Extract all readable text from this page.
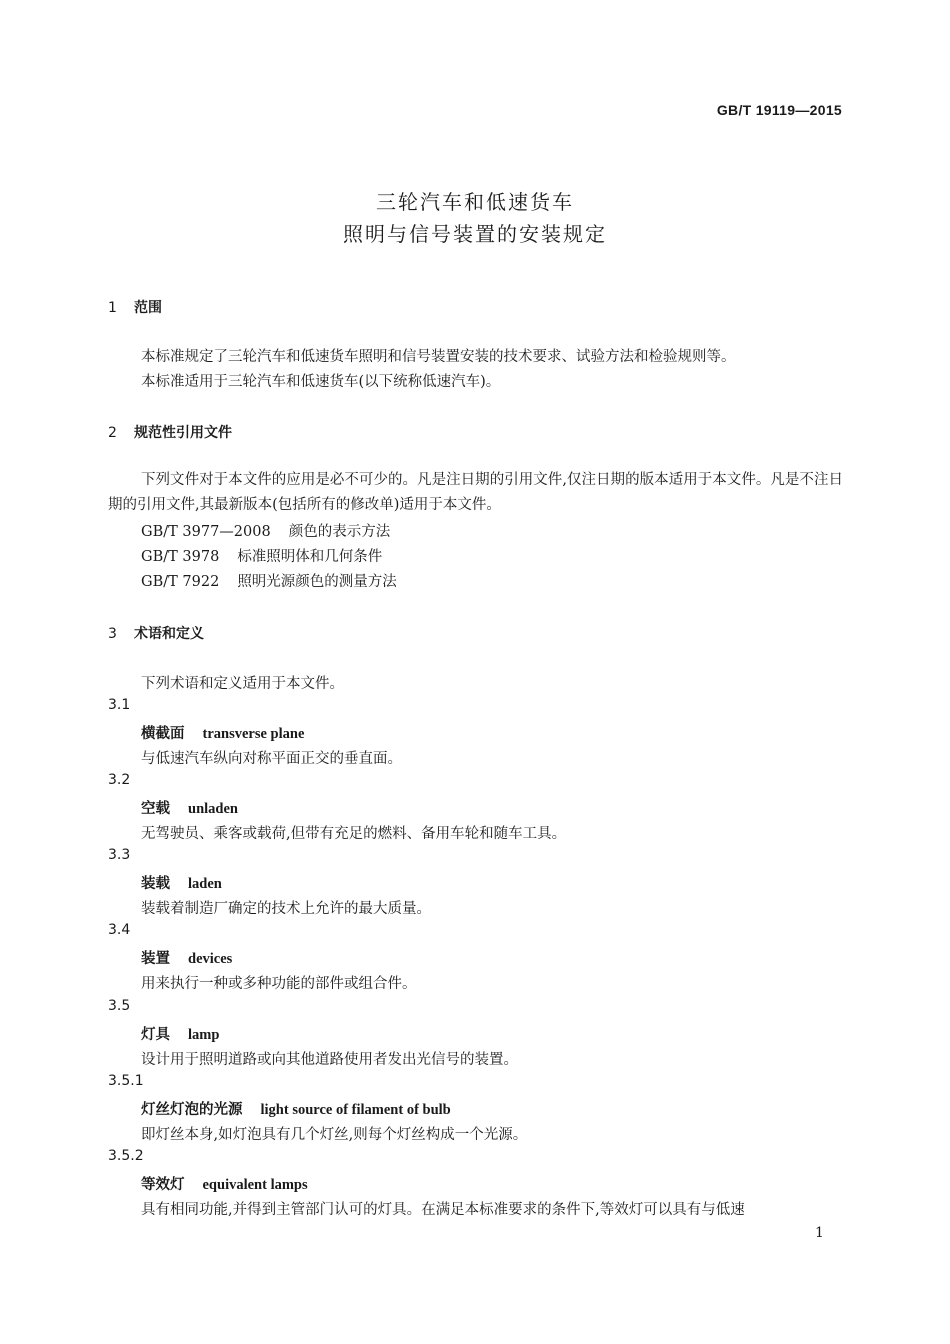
GB/T 19119—2015
三轮汽车和低速货车
照明与信号装置的安装规定
1 范围
本标准规定了三轮汽车和低速货车照明和信号装置安装的技术要求、试验方法和检验规则等。
本标准适用于三轮汽车和低速货车(以下统称低速汽车)。
2 规范性引用文件
下列文件对于本文件的应用是必不可少的。凡是注日期的引用文件,仅注日期的版本适用于本文件。凡是不注日期的引用文件,其最新版本(包括所有的修改单)适用于本文件。
GB/T 3977—2008 颜色的表示方法
GB/T 3978 标准照明体和几何条件
GB/T 7922 照明光源颜色的测量方法
3 术语和定义
下列术语和定义适用于本文件。
3.1
横截面 transverse plane
与低速汽车纵向对称平面正交的垂直面。
3.2
空载 unladen
无驾驶员、乘客或载荷,但带有充足的燃料、备用车轮和随车工具。
3.3
装载 laden
装载着制造厂确定的技术上允许的最大质量。
3.4
装置 devices
用来执行一种或多种功能的部件或组合件。
3.5
灯具 lamp
设计用于照明道路或向其他道路使用者发出光信号的装置。
3.5.1
灯丝灯泡的光源 light source of filament of bulb
即灯丝本身,如灯泡具有几个灯丝,则每个灯丝构成一个光源。
3.5.2
等效灯 equivalent lamps
具有相同功能,并得到主管部门认可的灯具。在满足本标准要求的条件下,等效灯可以具有与低速
1
